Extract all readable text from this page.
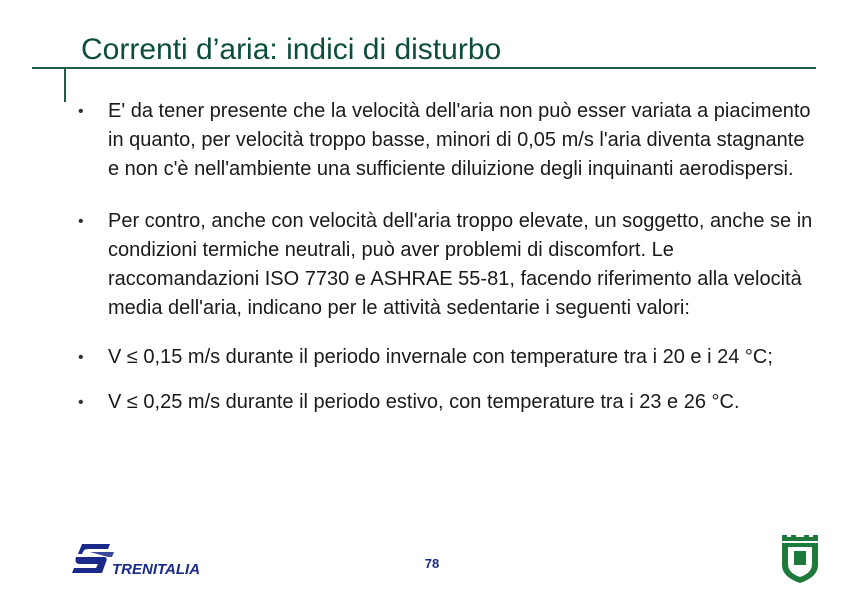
Correnti d’aria: indici di disturbo
•	E' da tener presente che la velocità dell'aria non può esser variata a piacimento in quanto, per velocità troppo basse, minori di 0,05 m/s l'aria diventa stagnante e non c'è nell'ambiente una sufficiente diluizione degli inquinanti aerodispersi.
•	Per contro, anche con velocità dell'aria troppo elevate, un soggetto, anche se in condizioni termiche neutrali, può aver problemi di discomfort. Le raccomandazioni ISO 7730 e ASHRAE 55-81, facendo riferimento alla velocità media dell'aria, indicano per le attività sedentarie i seguenti valori:
•	V ≤ 0,15 m/s durante il periodo invernale con temperature tra i 20 e i 24 °C;
•	V ≤ 0,25 m/s durante il periodo estivo, con temperature tra i 23 e 26 °C.
TRENITALIA	78
